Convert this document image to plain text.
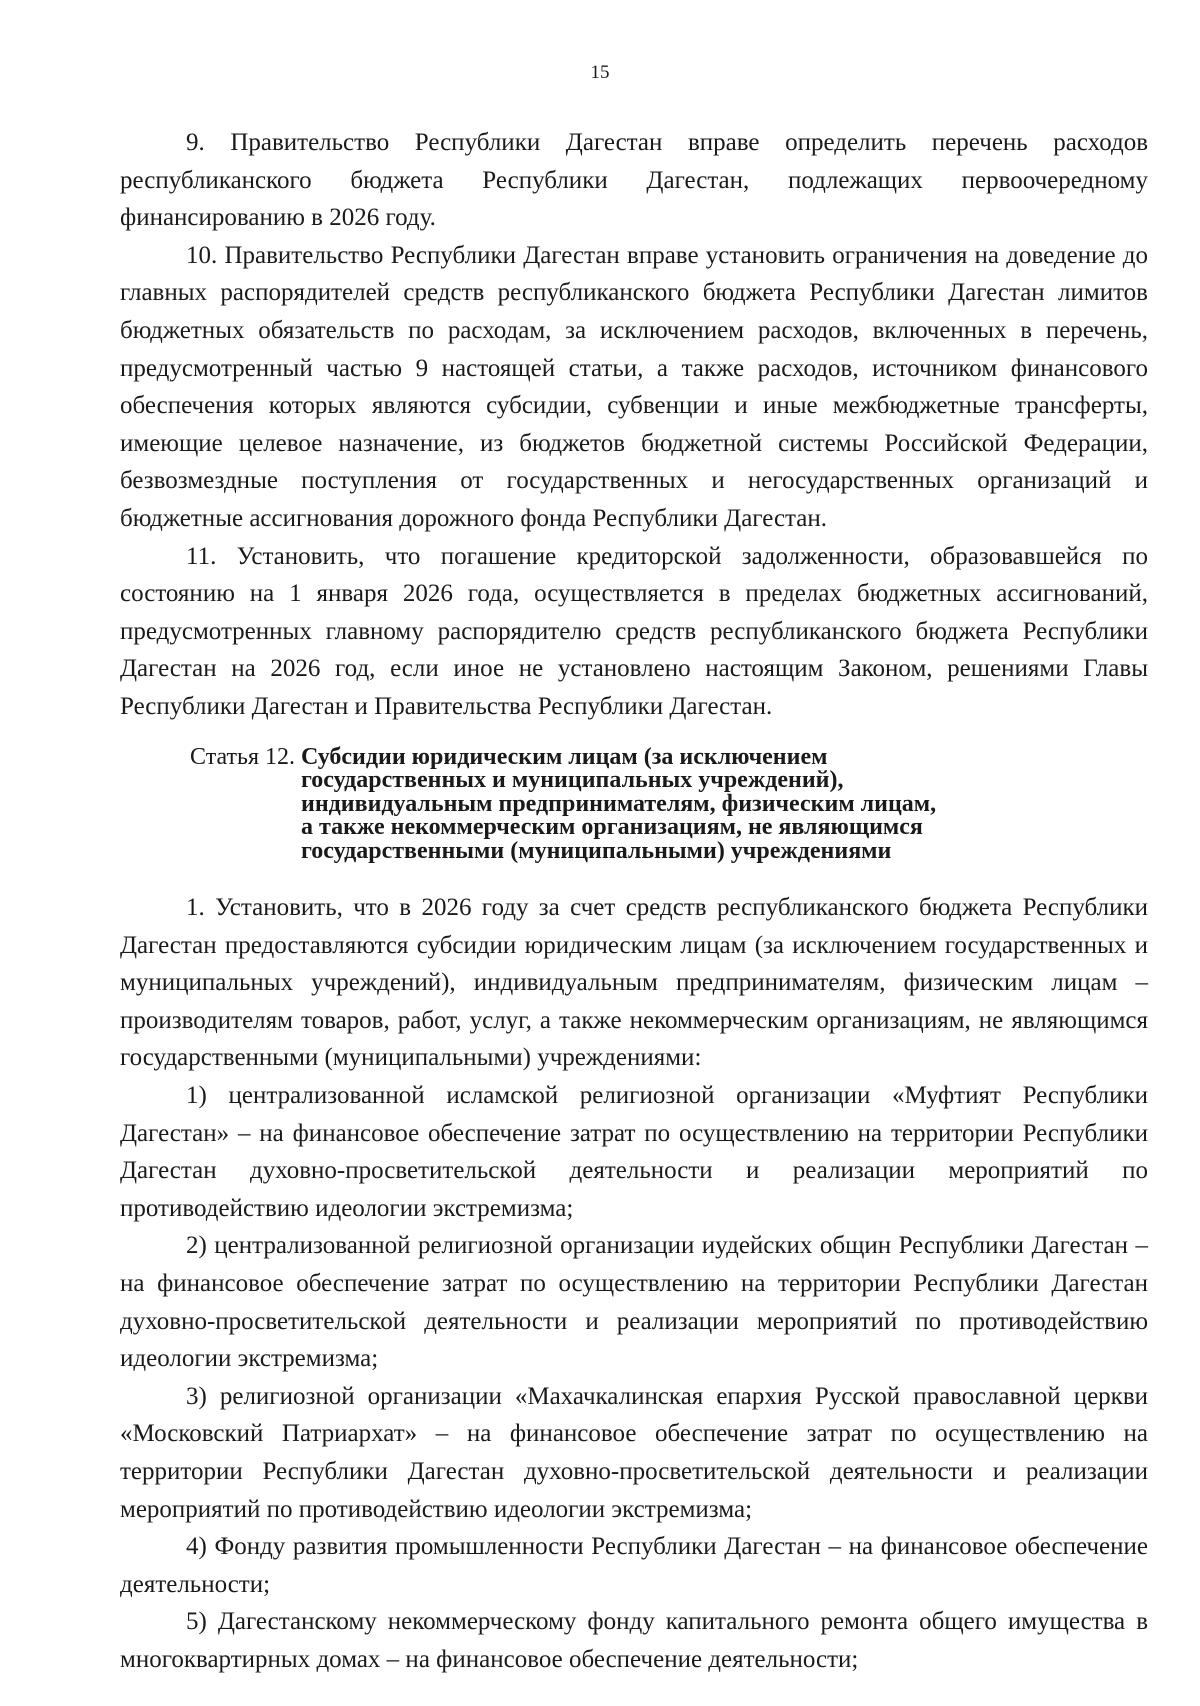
15

9. Правительство Республики Дагестан вправе определить перечень расходов республиканского бюджета Республики Дагестан, подлежащих первоочередному финансированию в 2026 году.

10. Правительство Республики Дагестан вправе установить ограничения на доведение до главных распорядителей средств республиканского бюджета Республики Дагестан лимитов бюджетных обязательств по расходам, за исключением расходов, включенных в перечень, предусмотренный частью 9 настоящей статьи, а также расходов, источником финансового обеспечения которых являются субсидии, субвенции и иные межбюджетные трансферты, имеющие целевое назначение, из бюджетов бюджетной системы Российской Федерации, безвозмездные поступления от государственных и негосударственных организаций и бюджетные ассигнования дорожного фонда Республики Дагестан.

11. Установить, что погашение кредиторской задолженности, образовавшейся по состоянию на 1 января 2026 года, осуществляется в пределах бюджетных ассигнований, предусмотренных главному распорядителю средств республиканского бюджета Республики Дагестан на 2026 год, если иное не установлено настоящим Законом, решениями Главы Республики Дагестан и Правительства Республики Дагестан.

Статья 12. Субсидии юридическим лицам (за исключением
государственных и муниципальных учреждений),
индивидуальным предпринимателям, физическим лицам,
а также некоммерческим организациям, не являющимся
государственными (муниципальными) учреждениями

1. Установить, что в 2026 году за счет средств республиканского бюджета Республики Дагестан предоставляются субсидии юридическим лицам (за исключением государственных и муниципальных учреждений), индивидуальным предпринимателям, физическим лицам – производителям товаров, работ, услуг, а также некоммерческим организациям, не являющимся государственными (муниципальными) учреждениями:

1) централизованной исламской религиозной организации «Муфтият Республики Дагестан» – на финансовое обеспечение затрат по осуществлению на территории Республики Дагестан духовно-просветительской деятельности и реализации мероприятий по противодействию идеологии экстремизма;

2) централизованной религиозной организации иудейских общин Республики Дагестан – на финансовое обеспечение затрат по осуществлению на территории Республики Дагестан духовно-просветительской деятельности и реализации мероприятий по противодействию идеологии экстремизма;

3) религиозной организации «Махачкалинская епархия Русской православной церкви «Московский Патриархат» – на финансовое обеспечение затрат по осуществлению на территории Республики Дагестан духовно-просветительской деятельности и реализации мероприятий по противодействию идеологии экстремизма;

4) Фонду развития промышленности Республики Дагестан – на финансовое обеспечение деятельности;

5) Дагестанскому некоммерческому фонду капитального ремонта общего имущества в многоквартирных домах – на финансовое обеспечение деятельности;
